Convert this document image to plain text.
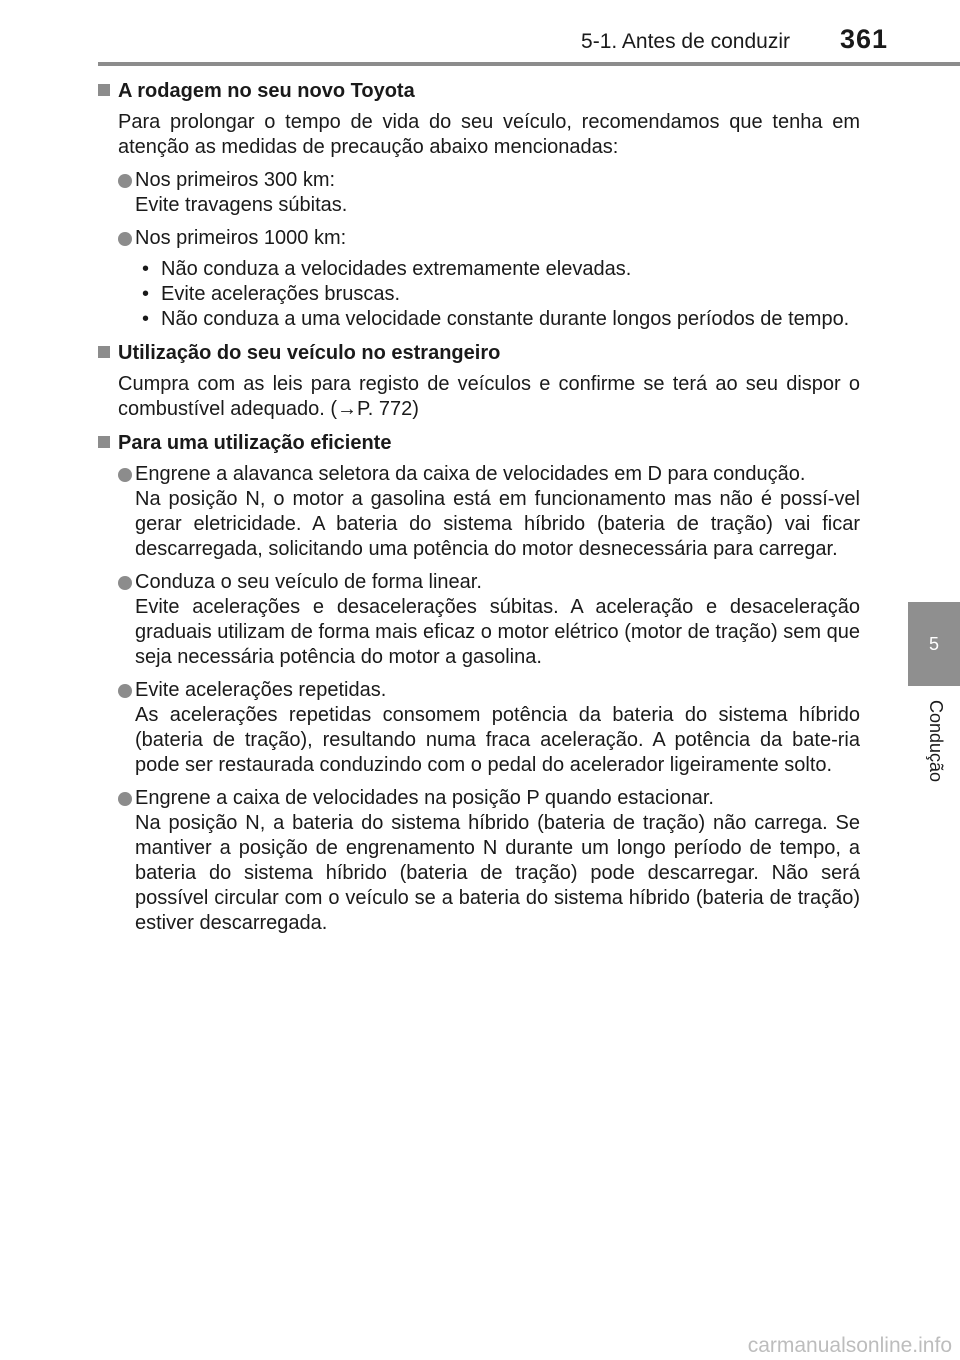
5-1. Antes de conduzir 361
5
Condução
A rodagem no seu novo Toyota
Para prolongar o tempo de vida do seu veículo, recomendamos que tenha em atenção as medidas de precaução abaixo mencionadas:
Nos primeiros 300 km:
Evite travagens súbitas.
Nos primeiros 1000 km:
• Não conduza a velocidades extremamente elevadas.
• Evite acelerações bruscas.
• Não conduza a uma velocidade constante durante longos períodos de tempo.
Utilização do seu veículo no estrangeiro
Cumpra com as leis para registo de veículos e confirme se terá ao seu dispor o combustível adequado. (→P. 772)
Para uma utilização eficiente
Engrene a alavanca seletora da caixa de velocidades em D para condução.
Na posição N, o motor a gasolina está em funcionamento mas não é possí-vel gerar eletricidade. A bateria do sistema híbrido (bateria de tração) vai ficar descarregada, solicitando uma potência do motor desnecessária para carregar.
Conduza o seu veículo de forma linear.
Evite acelerações e desacelerações súbitas. A aceleração e desaceleração graduais utilizam de forma mais eficaz o motor elétrico (motor de tração) sem que seja necessária potência do motor a gasolina.
Evite acelerações repetidas.
As acelerações repetidas consomem potência da bateria do sistema híbrido (bateria de tração), resultando numa fraca aceleração. A potência da bate-ria pode ser restaurada conduzindo com o pedal do acelerador ligeiramente solto.
Engrene a caixa de velocidades na posição P quando estacionar.
Na posição N, a bateria do sistema híbrido (bateria de tração) não carrega. Se mantiver a posição de engrenamento N durante um longo período de tempo, a bateria do sistema híbrido (bateria de tração) pode descarregar. Não será possível circular com o veículo se a bateria do sistema híbrido (bateria de tração) estiver descarregada.
carmanualsonline.info
